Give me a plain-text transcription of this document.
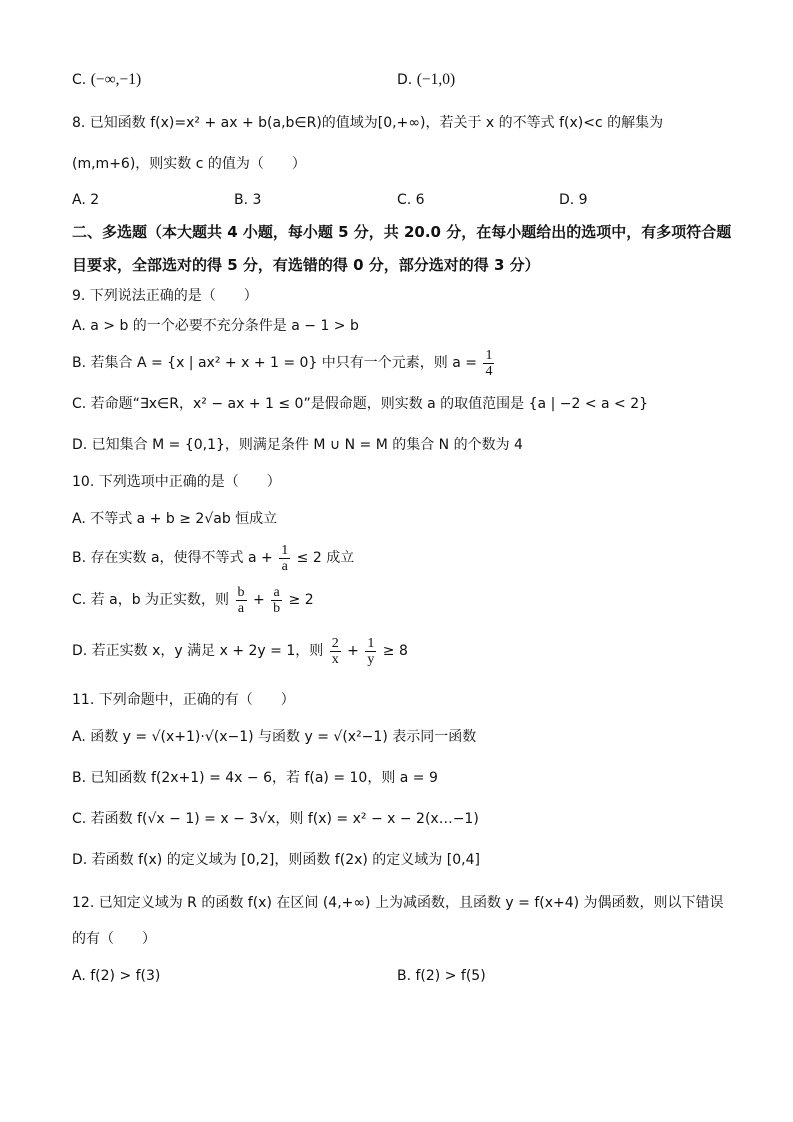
C. (−∞,−1)	D. (−1,0)
8. 已知函数 f(x)=x² + ax + b(a,b∈R)的值域为[0,+∞)，若关于 x 的不等式 f(x)<c 的解集为
(m,m+6)，则实数 c 的值为（　　）
A. 2	B. 3	C. 6	D. 9
二、多选题（本大题共 4 小题，每小题 5 分，共 20.0 分，在每小题给出的选项中，有多项符合题目要求，全部选对的得 5 分，有选错的得 0 分，部分选对的得 3 分）
9. 下列说法正确的是（　　）
A. a > b 的一个必要不充分条件是 a − 1 > b
B. 若集合 A = {x | ax² + x + 1 = 0} 中只有一个元素，则 $a = \frac{1}{4}$
C. 若命题“∃x∈R，x² − ax + 1 ≤ 0”是假命题，则实数 a 的取值范围是 {a | −2 < a < 2}
D. 已知集合 M = {0,1}，则满足条件 M ∪ N = M 的集合 N 的个数为 4
10. 下列选项中正确的是（　　）
A. 不等式 a + b ≥ 2√ab 恒成立
B. 存在实数 a，使得不等式 $a + \frac{1}{a} \le 2$ 成立
C. 若 a，b 为正实数，则 $\frac{b}{a} + \frac{a}{b} \ge 2$
D. 若正实数 x，y 满足 x + 2y = 1，则 $\frac{2}{x} + \frac{1}{y} \ge 8$
11. 下列命题中，正确的有（　　）
A. 函数 y = √(x+1)·√(x−1) 与函数 y = √(x²−1) 表示同一函数
B. 已知函数 f(2x+1) = 4x − 6，若 f(a) = 10，则 a = 9
C. 若函数 f(√x − 1) = x − 3√x，则 f(x) = x² − x − 2(x…−1)
D. 若函数 f(x) 的定义域为 [0,2]，则函数 f(2x) 的定义域为 [0,4]
12. 已知定义域为 R 的函数 f(x) 在区间 (4,+∞) 上为减函数，且函数 y = f(x+4) 为偶函数，则以下错误
的有（　　）
A. f(2) > f(3)	B. f(2) > f(5)
